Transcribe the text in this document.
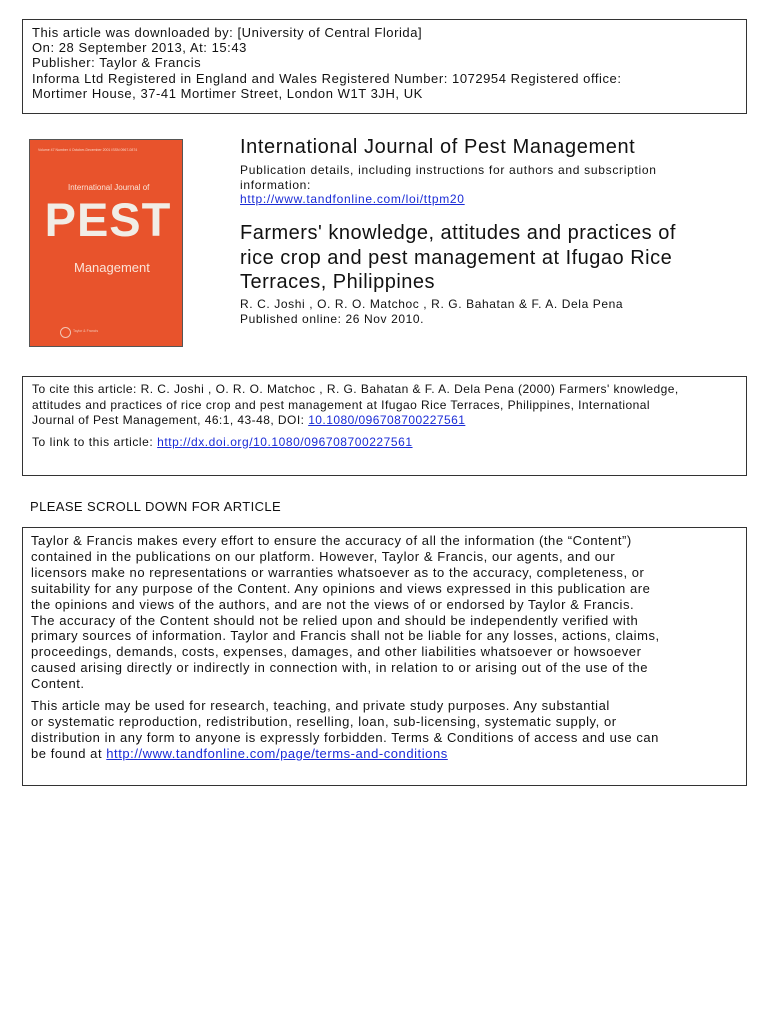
This article was downloaded by: [University of Central Florida]
On: 28 September 2013, At: 15:43
Publisher: Taylor & Francis
Informa Ltd Registered in England and Wales Registered Number: 1072954 Registered office:
Mortimer House, 37-41 Mortimer Street, London W1T 3JH, UK
Volume 47 Number 4 October-December 2001 ISSN 0967-0874
International Journal of
PEST
Management
Taylor & Francis
International Journal of Pest Management
Publication details, including instructions for authors and subscription
information:
http://www.tandfonline.com/loi/ttpm20
Farmers' knowledge, attitudes and practices of
rice crop and pest management at Ifugao Rice
Terraces, Philippines
R. C. Joshi , O. R. O. Matchoc , R. G. Bahatan & F. A. Dela Pena
Published online: 26 Nov 2010.
To cite this article: R. C. Joshi , O. R. O. Matchoc , R. G. Bahatan & F. A. Dela Pena (2000) Farmers' knowledge,
attitudes and practices of rice crop and pest management at Ifugao Rice Terraces, Philippines, International
Journal of Pest Management, 46:1, 43-48, DOI: 10.1080/096708700227561
To link to this article: http://dx.doi.org/10.1080/096708700227561
PLEASE SCROLL DOWN FOR ARTICLE
Taylor & Francis makes every effort to ensure the accuracy of all the information (the “Content”)
contained in the publications on our platform. However, Taylor & Francis, our agents, and our
licensors make no representations or warranties whatsoever as to the accuracy, completeness, or
suitability for any purpose of the Content. Any opinions and views expressed in this publication are
the opinions and views of the authors, and are not the views of or endorsed by Taylor & Francis.
The accuracy of the Content should not be relied upon and should be independently verified with
primary sources of information. Taylor and Francis shall not be liable for any losses, actions, claims,
proceedings, demands, costs, expenses, damages, and other liabilities whatsoever or howsoever
caused arising directly or indirectly in connection with, in relation to or arising out of the use of the
Content.
This article may be used for research, teaching, and private study purposes. Any substantial
or systematic reproduction, redistribution, reselling, loan, sub-licensing, systematic supply, or
distribution in any form to anyone is expressly forbidden. Terms & Conditions of access and use can
be found at http://www.tandfonline.com/page/terms-and-conditions
